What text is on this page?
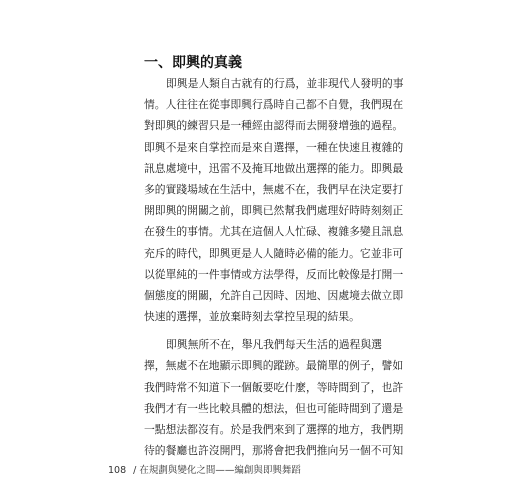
一、即興的真義
即興是人類自古就有的行爲，並非現代人發明的事
情。人往往在從事即興行爲時自己都不自覺，我們現在
對即興的練習只是一種經由認得而去開發增強的過程。
即興不是來自掌控而是來自選擇，一種在快速且複雜的
訊息處境中，迅雷不及掩耳地做出選擇的能力。即興最
多的實踐場域在生活中，無處不在，我們早在決定要打
開即興的開關之前，即興已然幫我們處理好時時刻刻正
在發生的事情。尤其在這個人人忙碌、複雜多變且訊息
充斥的時代，即興更是人人隨時必備的能力。它並非可
以從單純的一件事情或方法學得，反而比較像是打開一
個態度的開關，允許自己因時、因地、因處境去做立即
快速的選擇，並放棄時刻去掌控呈現的結果。
即興無所不在，舉凡我們每天生活的過程與選
擇，無處不在地顯示即興的蹤跡。最簡單的例子，譬如
我們時常不知道下一個飯要吃什麼，等時間到了，也許
我們才有一些比較具體的想法，但也可能時間到了還是
一點想法都沒有。於是我們來到了選擇的地方，我們期
待的餐廳也許沒開門，那將會把我們推向另一個不可知
108 / 在規劃與變化之間——編創與即興舞蹈
